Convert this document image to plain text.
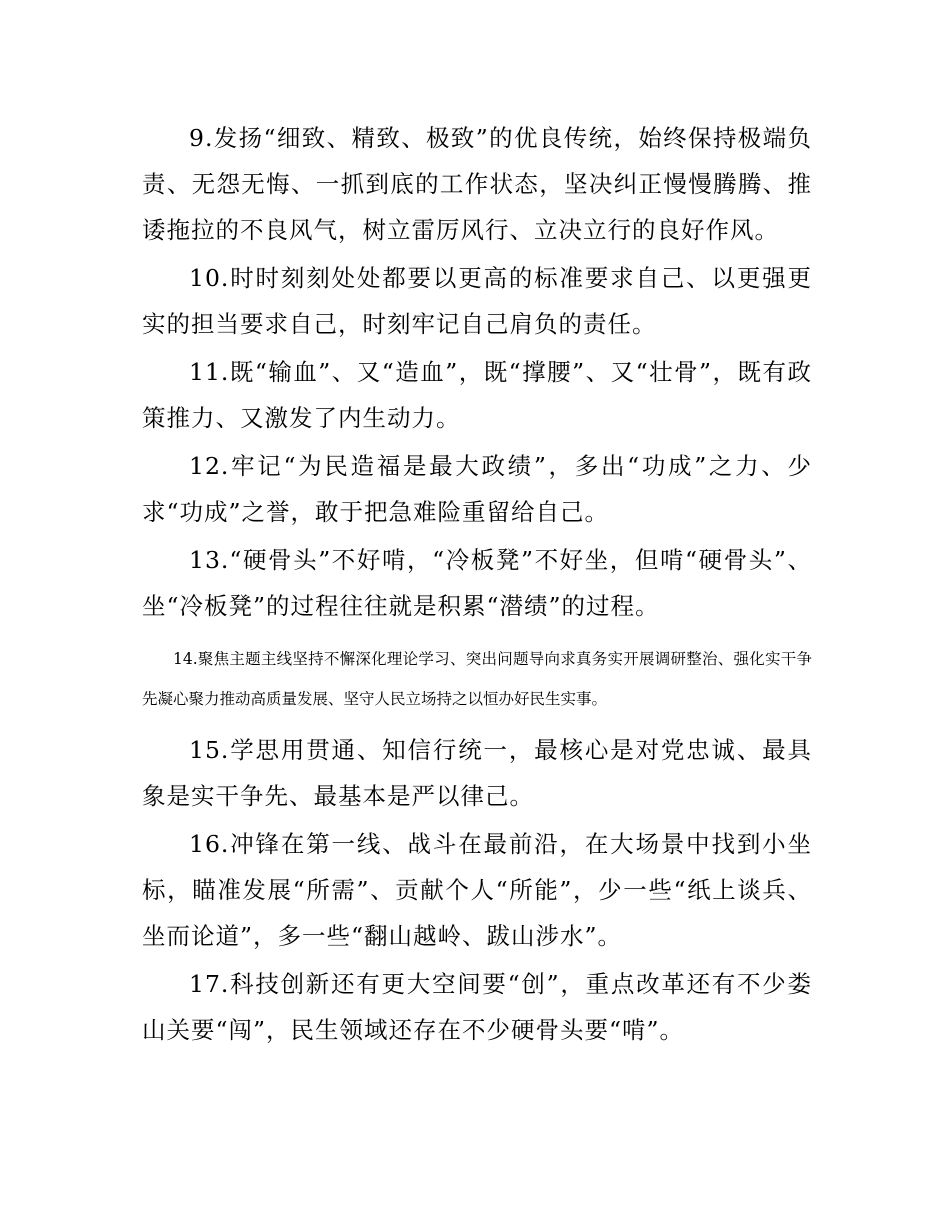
9.发扬“细致、精致、极致”的优良传统，始终保持极端负责、无怨无悔、一抓到底的工作状态，坚决纠正慢慢腾腾、推诿拖拉的不良风气，树立雷厉风行、立决立行的良好作风。

10.时时刻刻处处都要以更高的标准要求自己、以更强更实的担当要求自己，时刻牢记自己肩负的责任。

11.既“输血”、又“造血”，既“撑腰”、又“壮骨”，既有政策推力、又激发了内生动力。

12.牢记“为民造福是最大政绩”，多出“功成”之力、少求“功成”之誉，敢于把急难险重留给自己。

13.“硬骨头”不好啃，“冷板凳”不好坐，但啃“硬骨头”、坐“冷板凳”的过程往往就是积累“潜绩”的过程。

14.聚焦主题主线坚持不懈深化理论学习、突出问题导向求真务实开展调研整治、强化实干争先凝心聚力推动高质量发展、坚守人民立场持之以恒办好民生实事。

15.学思用贯通、知信行统一，最核心是对党忠诚、最具象是实干争先、最基本是严以律己。

16.冲锋在第一线、战斗在最前沿，在大场景中找到小坐标，瞄准发展“所需”、贡献个人“所能”，少一些“纸上谈兵、坐而论道”，多一些“翻山越岭、跋山涉水”。

17.科技创新还有更大空间要“创”，重点改革还有不少娄山关要“闯”，民生领域还存在不少硬骨头要“啃”。
